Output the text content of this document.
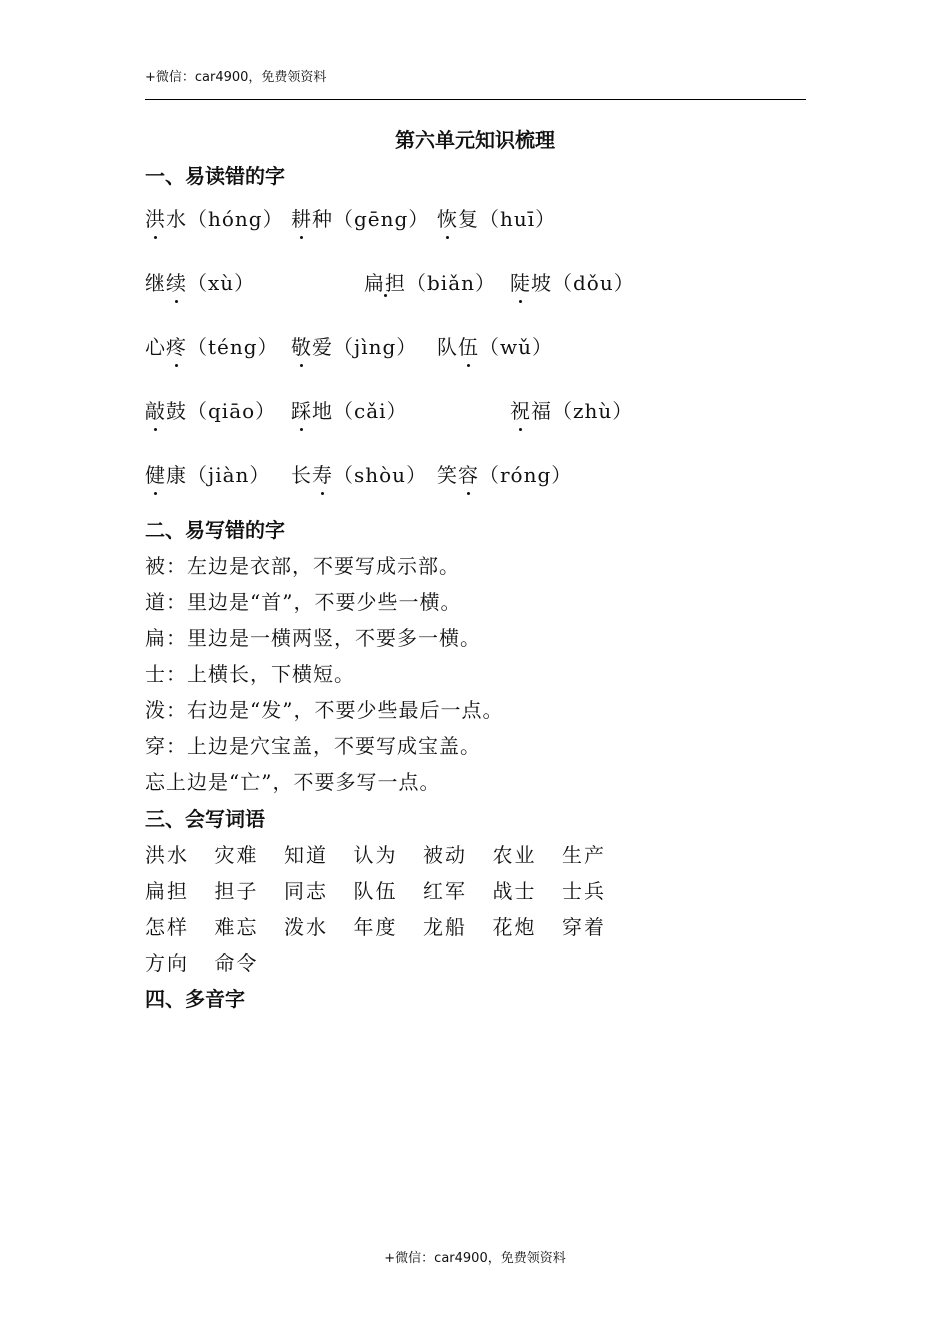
+微信：car4900，免费领资料
第六单元知识梳理
一、易读错的字
洪水（hóng） 耕种（gēng） 恢复（huī）
继续（xù）	扁担（biǎn） 陡坡（dǒu）
心疼（téng） 敬爱（jìng） 队伍（wǔ）
敲鼓（qiāo） 踩地（cǎi）	祝福（zhù）
健康（jiàn） 长寿（shòu） 笑容（róng）
二、易写错的字
被：左边是衣部，不要写成示部。
道：里边是“首”，不要少些一横。
扁：里边是一横两竖，不要多一横。
士：上横长，下横短。
泼：右边是“发”，不要少些最后一点。
穿：上边是穴宝盖，不要写成宝盖。
忘上边是“亡”，不要多写一点。
三、会写词语
洪水 灾难 知道 认为 被动 农业 生产
扁担 担子 同志 队伍 红军 战士 士兵
怎样 难忘 泼水 年度 龙船 花炮 穿着
方向 命令
四、多音字
+微信：car4900，免费领资料
